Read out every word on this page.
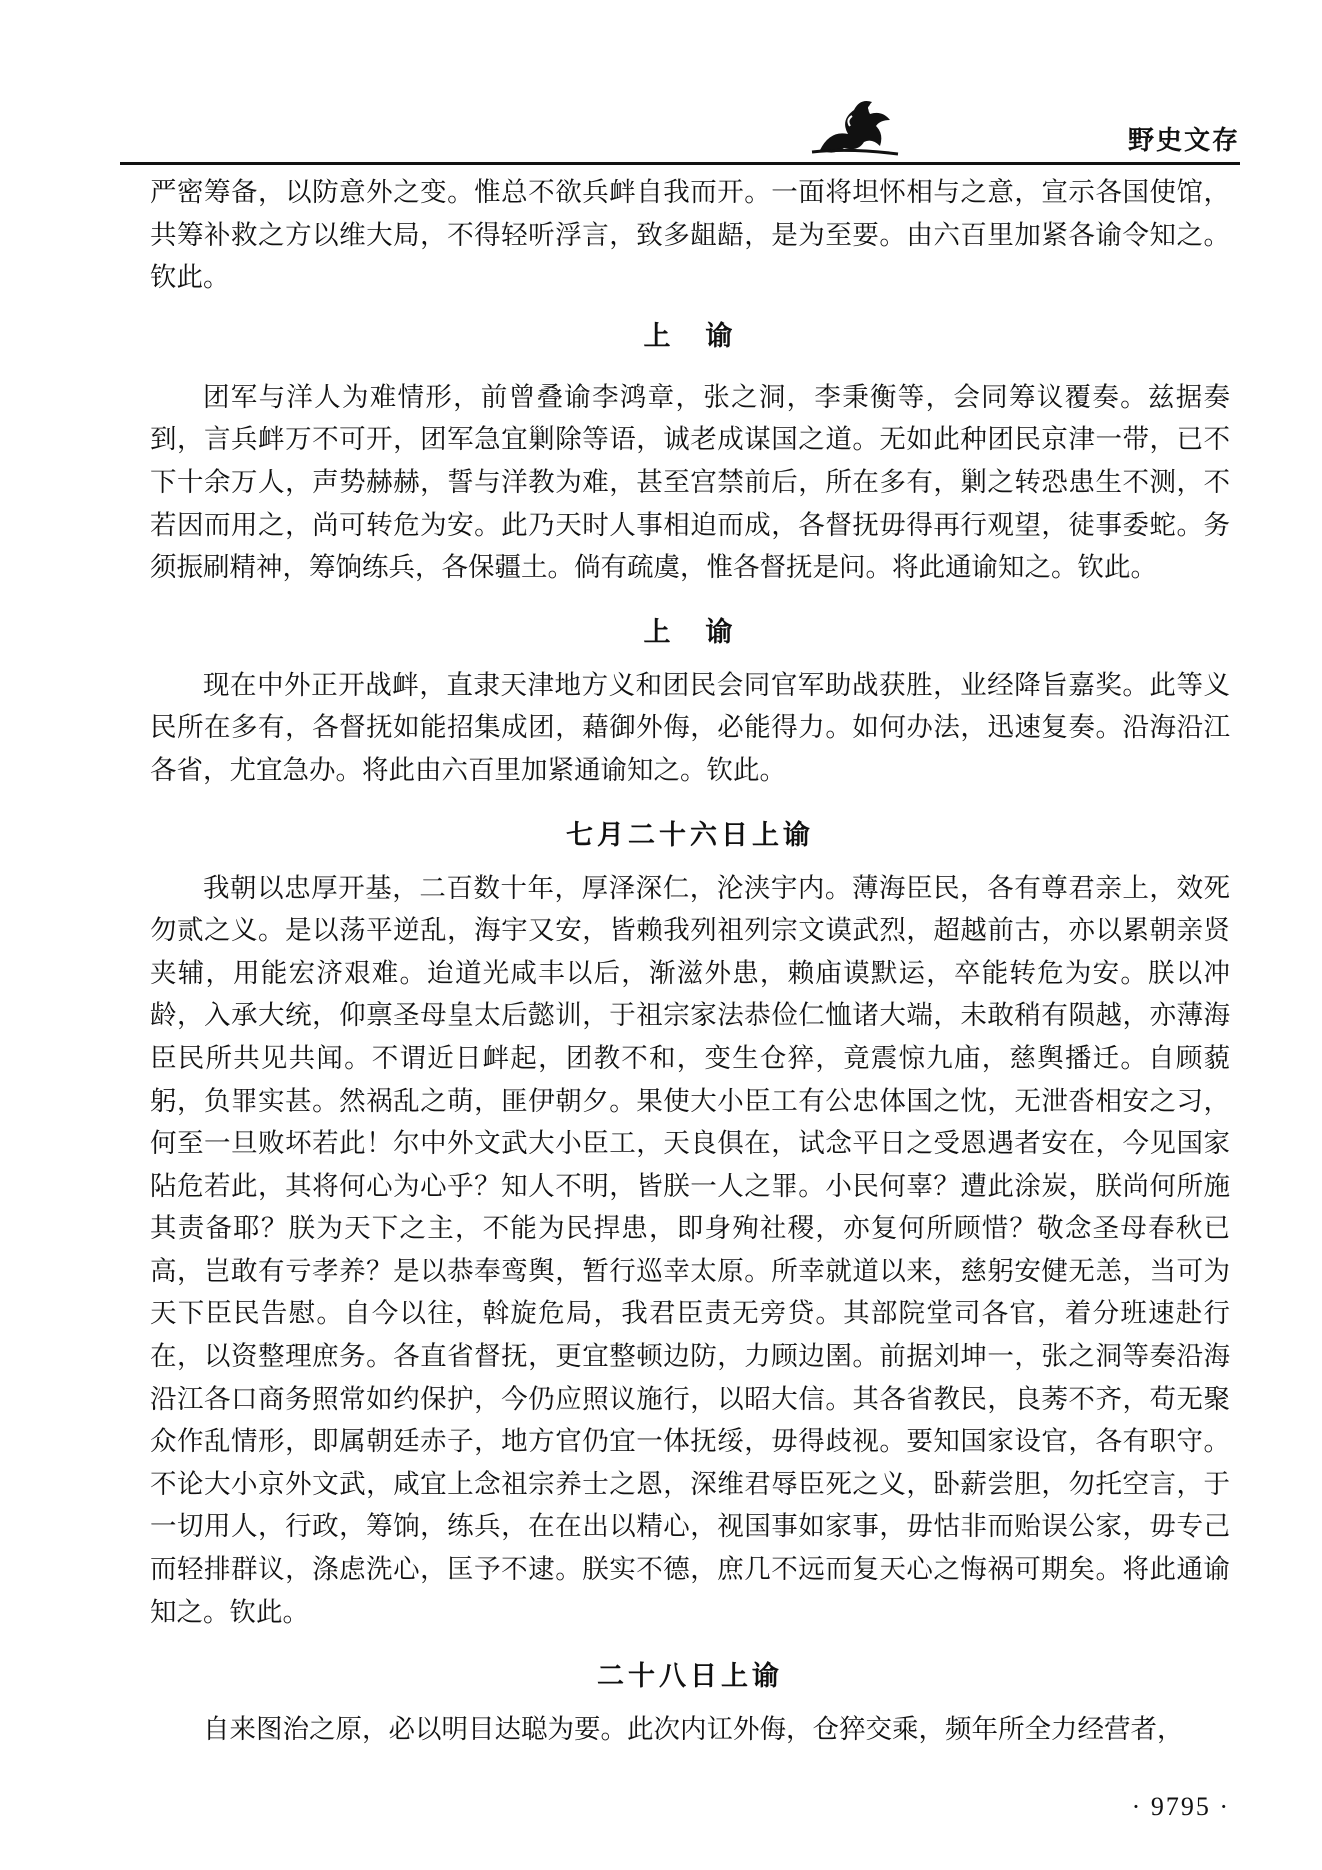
野史文存

严密筹备，以防意外之变。惟总不欲兵衅自我而开。一面将坦怀相与之意，宣示各国使馆，共筹补救之方以维大局，不得轻听浮言，致多龃龉，是为至要。由六百里加紧各谕令知之。钦此。

上　谕

团军与洋人为难情形，前曾叠谕李鸿章，张之洞，李秉衡等，会同筹议覆奏。兹据奏到，言兵衅万不可开，团军急宜剿除等语，诚老成谋国之道。无如此种团民京津一带，已不下十余万人，声势赫赫，誓与洋教为难，甚至宫禁前后，所在多有，剿之转恐患生不测，不若因而用之，尚可转危为安。此乃天时人事相迫而成，各督抚毋得再行观望，徒事委蛇。务须振刷精神，筹饷练兵，各保疆土。倘有疏虞，惟各督抚是问。将此通谕知之。钦此。

上　谕

现在中外正开战衅，直隶天津地方义和团民会同官军助战获胜，业经降旨嘉奖。此等义民所在多有，各督抚如能招集成团，藉御外侮，必能得力。如何办法，迅速复奏。沿海沿江各省，尤宜急办。将此由六百里加紧通谕知之。钦此。

七月二十六日上谕

我朝以忠厚开基，二百数十年，厚泽深仁，沦浃宇内。薄海臣民，各有尊君亲上，效死勿贰之义。是以荡平逆乱，海宇又安，皆赖我列祖列宗文谟武烈，超越前古，亦以累朝亲贤夹辅，用能宏济艰难。迨道光咸丰以后，渐滋外患，赖庙谟默运，卒能转危为安。朕以冲龄，入承大统，仰禀圣母皇太后懿训，于祖宗家法恭俭仁恤诸大端，未敢稍有陨越，亦薄海臣民所共见共闻。不谓近日衅起，团教不和，变生仓猝，竟震惊九庙，慈舆播迁。自顾藐躬，负罪实甚。然祸乱之萌，匪伊朝夕。果使大小臣工有公忠体国之忱，无泄沓相安之习，何至一旦败坏若此！尔中外文武大小臣工，天良俱在，试念平日之受恩遇者安在，今见国家阽危若此，其将何心为心乎？知人不明，皆朕一人之罪。小民何辜？遭此涂炭，朕尚何所施其责备耶？朕为天下之主，不能为民捍患，即身殉社稷，亦复何所顾惜？敬念圣母春秋已高，岂敢有亏孝养？是以恭奉鸾舆，暂行巡幸太原。所幸就道以来，慈躬安健无恙，当可为天下臣民告慰。自今以往，斡旋危局，我君臣责无旁贷。其部院堂司各官，着分班速赴行在，以资整理庶务。各直省督抚，更宜整顿边防，力顾边圉。前据刘坤一，张之洞等奏沿海沿江各口商务照常如约保护，今仍应照议施行，以昭大信。其各省教民，良莠不齐，苟无聚众作乱情形，即属朝廷赤子，地方官仍宜一体抚绥，毋得歧视。要知国家设官，各有职守。不论大小京外文武，咸宜上念祖宗养士之恩，深维君辱臣死之义，卧薪尝胆，勿托空言，于一切用人，行政，筹饷，练兵，在在出以精心，视国事如家事，毋怙非而贻误公家，毋专己而轻排群议，涤虑洗心，匡予不逮。朕实不德，庶几不远而复天心之悔祸可期矣。将此通谕知之。钦此。

二十八日上谕

自来图治之原，必以明目达聪为要。此次内讧外侮，仓猝交乘，频年所全力经营者，

· 9795 ·
